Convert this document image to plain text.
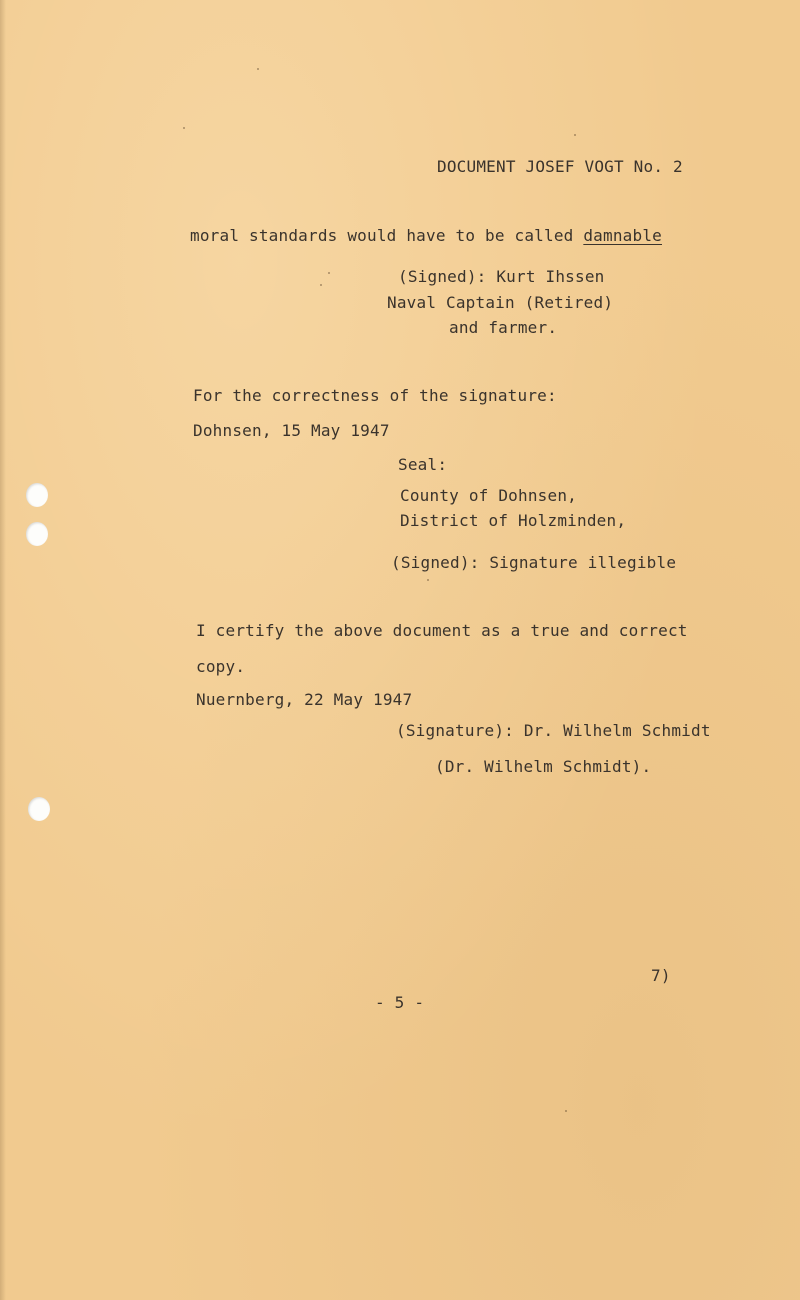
DOCUMENT JOSEF VOGT No. 2
moral standards would have to be called damnable
(Signed): Kurt Ihssen
Naval Captain (Retired)
and farmer.
For the correctness of the signature:
Dohnsen, 15 May 1947
Seal:
County of Dohnsen,
District of Holzminden,
(Signed): Signature illegible
I certify the above document as a true and correct
copy.
Nuernberg, 22 May 1947
(Signature): Dr. Wilhelm Schmidt
(Dr. Wilhelm Schmidt).
7)
- 5 -
